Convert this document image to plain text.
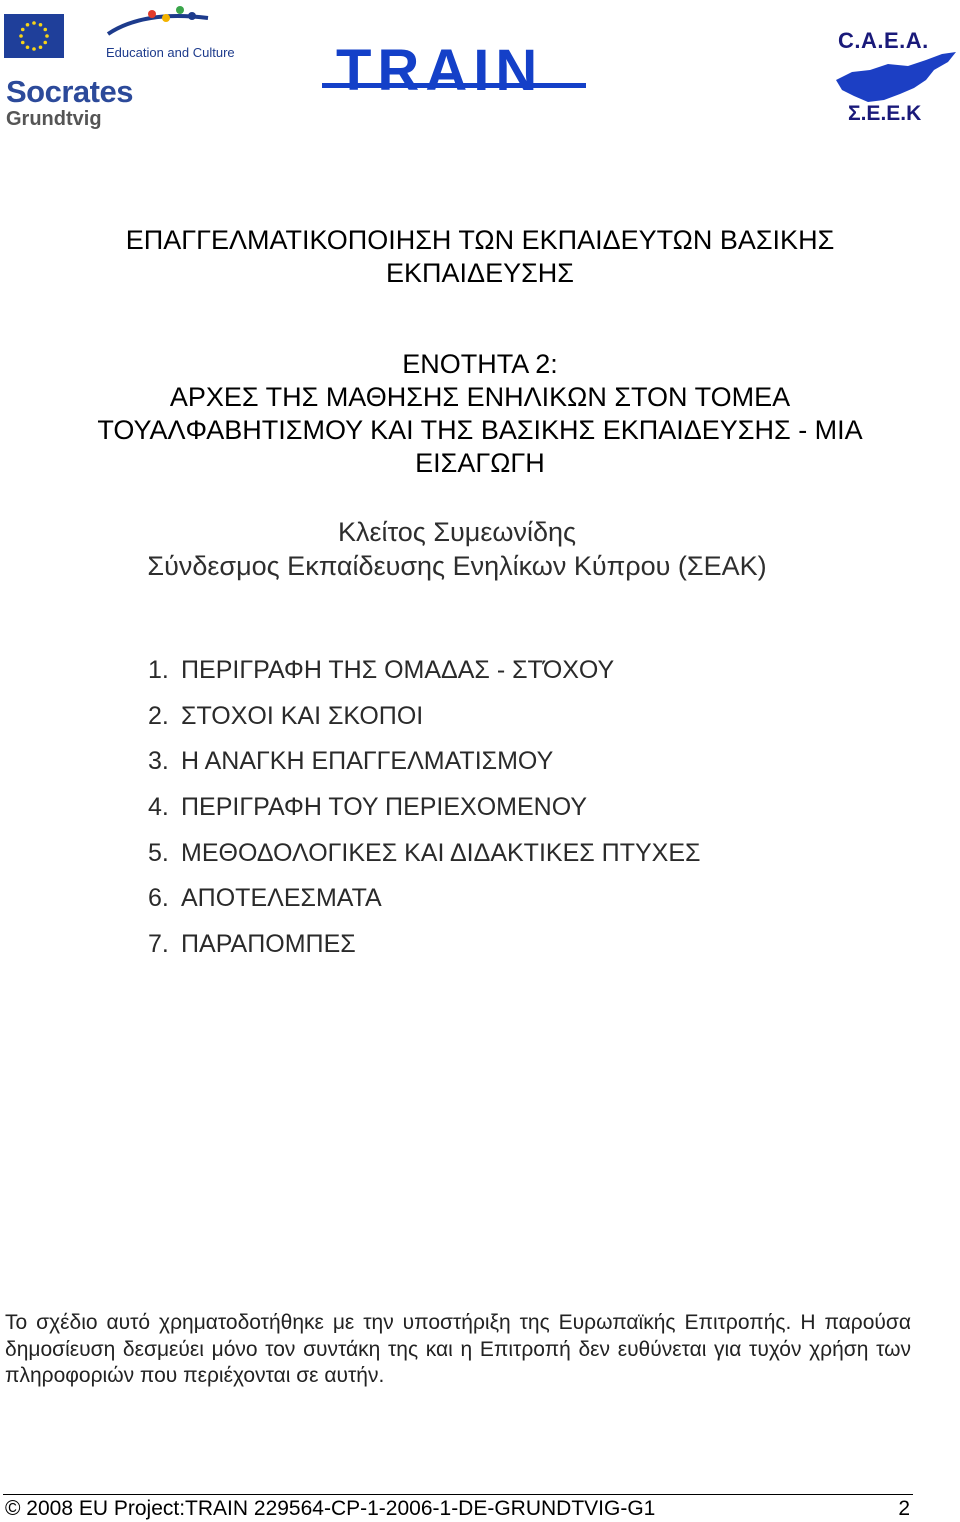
Education and Culture
Socrates
Grundtvig
TRAIN	C.A.E.A.
Σ.Ε.Ε.Κ
ΕΠΑΓΓΕΛΜΑΤΙΚΟΠΟΙΗΣΗ ΤΩΝ ΕΚΠΑΙΔΕΥΤΩΝ ΒΑΣΙΚΗΣ
ΕΚΠΑΙΔΕΥΣΗΣ
ΕΝΟΤΗΤΑ 2:
ΑΡΧΕΣ ΤΗΣ ΜΑΘΗΣΗΣ ΕΝΗΛΙΚΩΝ ΣΤΟΝ ΤΟΜΕΑ
ΤΟΥΑΛΦΑΒΗΤΙΣΜΟΥ ΚΑΙ ΤΗΣ ΒΑΣΙΚΗΣ ΕΚΠΑΙΔΕΥΣΗΣ - ΜΙΑ
ΕΙΣΑΓΩΓΗ
Κλείτος Συμεωνίδης
Σύνδεσμος Εκπαίδευσης Ενηλίκων Κύπρου (ΣΕΑΚ)
1. ΠΕΡΙΓΡΑΦΗ ΤΗΣ ΟΜΑΔΑΣ - ΣΤΌΧΟΥ
2. ΣΤΟΧΟΙ ΚΑΙ ΣΚΟΠΟΙ
3. Η ΑΝΑΓΚΗ ΕΠΑΓΓΕΛΜΑΤΙΣΜΟΥ
4. ΠΕΡΙΓΡΑΦΗ ΤΟΥ ΠΕΡΙΕΧΟΜΕΝΟΥ
5. ΜΕΘΟΔΟΛΟΓΙΚΕΣ ΚΑΙ ΔΙΔΑΚΤΙΚΕΣ ΠΤΥΧΕΣ
6. ΑΠΟΤΕΛΕΣΜΑΤΑ
7. ΠΑΡΑΠΟΜΠΕΣ
Το σχέδιο αυτό χρηματοδοτήθηκε με την υποστήριξη της Ευρωπαϊκής Επιτροπής. Η παρούσα δημοσίευση δεσμεύει μόνο τον συντάκη της και η Επιτροπή δεν ευθύνεται για τυχόν χρήση των πληροφοριών που περιέχονται σε αυτήν.
© 2008 EU Project:TRAIN 229564-CP-1-2006-1-DE-GRUNDTVIG-G1	2
